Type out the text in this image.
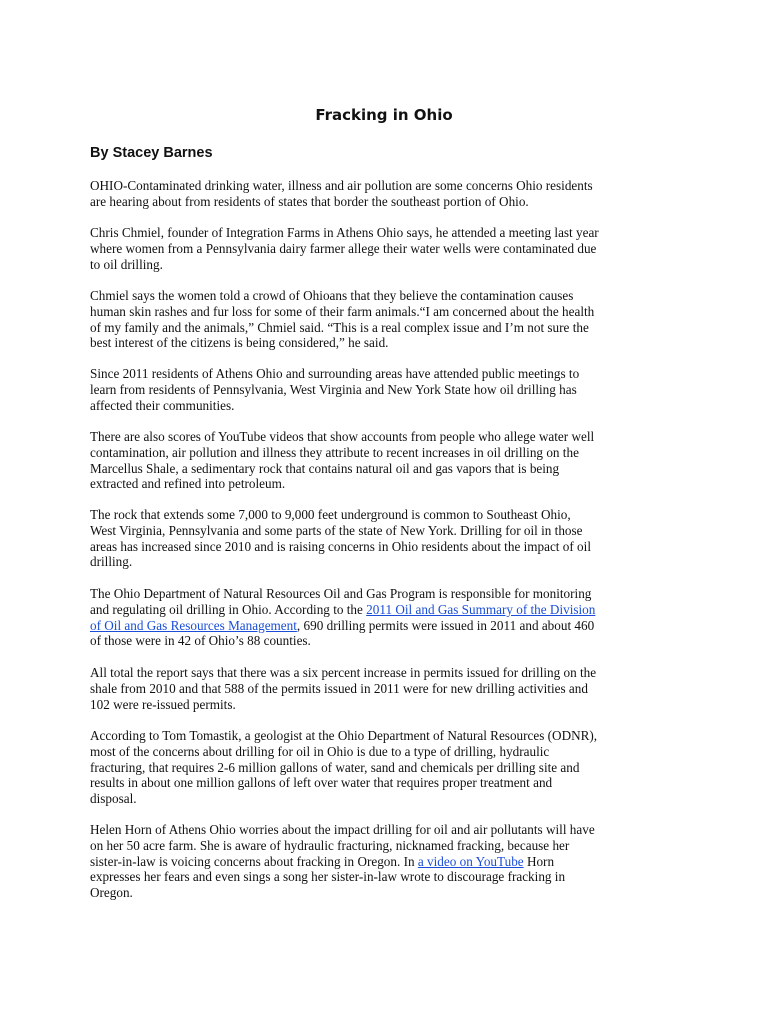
Fracking in Ohio
By Stacey Barnes

OHIO-Contaminated drinking water, illness and air pollution are some concerns Ohio residents
are hearing about from residents of states that border the southeast portion of Ohio.

Chris Chmiel, founder of Integration Farms in Athens Ohio says, he attended a meeting last year
where women from a Pennsylvania dairy farmer allege their water wells were contaminated due
to oil drilling.

Chmiel says the women told a crowd of Ohioans that they believe the contamination causes
human skin rashes and fur loss for some of their farm animals.“I am concerned about the health
of my family and the animals,” Chmiel said. “This is a real complex issue and I’m not sure the
best interest of the citizens is being considered,” he said.

Since 2011 residents of Athens Ohio and surrounding areas have attended public meetings to
learn from residents of Pennsylvania, West Virginia and New York State how oil drilling has
affected their communities.

There are also scores of YouTube videos that show accounts from people who allege water well
contamination, air pollution and illness they attribute to recent increases in oil drilling on the
Marcellus Shale, a sedimentary rock that contains natural oil and gas vapors that is being
extracted and refined into petroleum.

The rock that extends some 7,000 to 9,000 feet underground is common to Southeast Ohio,
West Virginia, Pennsylvania and some parts of the state of New York. Drilling for oil in those
areas has increased since 2010 and is raising concerns in Ohio residents about the impact of oil
drilling.

The Ohio Department of Natural Resources Oil and Gas Program is responsible for monitoring
and regulating oil drilling in Ohio. According to the 2011 Oil and Gas Summary of the Division
of Oil and Gas Resources Management, 690 drilling permits were issued in 2011 and about 460
of those were in 42 of Ohio’s 88 counties.

All total the report says that there was a six percent increase in permits issued for drilling on the
shale from 2010 and that 588 of the permits issued in 2011 were for new drilling activities and
102 were re-issued permits.

According to Tom Tomastik, a geologist at the Ohio Department of Natural Resources (ODNR),
most of the concerns about drilling for oil in Ohio is due to a type of drilling, hydraulic
fracturing, that requires 2-6 million gallons of water, sand and chemicals per drilling site and
results in about one million gallons of left over water that requires proper treatment and
disposal.

Helen Horn of Athens Ohio worries about the impact drilling for oil and air pollutants will have
on her 50 acre farm. She is aware of hydraulic fracturing, nicknamed fracking, because her
sister-in-law is voicing concerns about fracking in Oregon. In a video on YouTube Horn
expresses her fears and even sings a song her sister-in-law wrote to discourage fracking in
Oregon.
